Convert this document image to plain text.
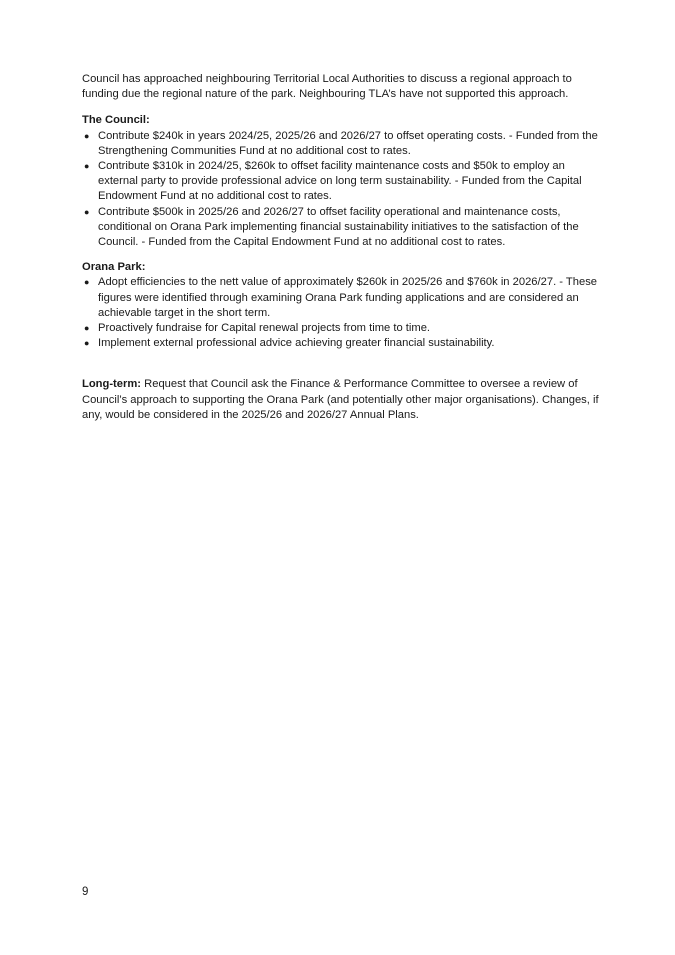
Council has approached neighbouring Territorial Local Authorities to discuss a regional approach to funding due the regional nature of the park. Neighbouring TLA’s have not supported this approach.

The Council:

● Contribute $240k in years 2024/25, 2025/26 and 2026/27 to offset operating costs. - Funded from the Strengthening Communities Fund at no additional cost to rates.
● Contribute $310k in 2024/25, $260k to offset facility maintenance costs and $50k to employ an external party to provide professional advice on long term sustainability. - Funded from the Capital Endowment Fund at no additional cost to rates.
● Contribute $500k in 2025/26 and 2026/27 to offset facility operational and maintenance costs, conditional on Orana Park implementing financial sustainability initiatives to the satisfaction of the Council. - Funded from the Capital Endowment Fund at no additional cost to rates.

Orana Park:

● Adopt efficiencies to the nett value of approximately $260k in 2025/26 and $760k in 2026/27. - These figures were identified through examining Orana Park funding applications and are considered an achievable target in the short term.
● Proactively fundraise for Capital renewal projects from time to time.
● Implement external professional advice achieving greater financial sustainability.

Long-term: Request that Council ask the Finance & Performance Committee to oversee a review of Council’s approach to supporting the Orana Park (and potentially other major organisations). Changes, if any, would be considered in the 2025/26 and 2026/27 Annual Plans.

9
